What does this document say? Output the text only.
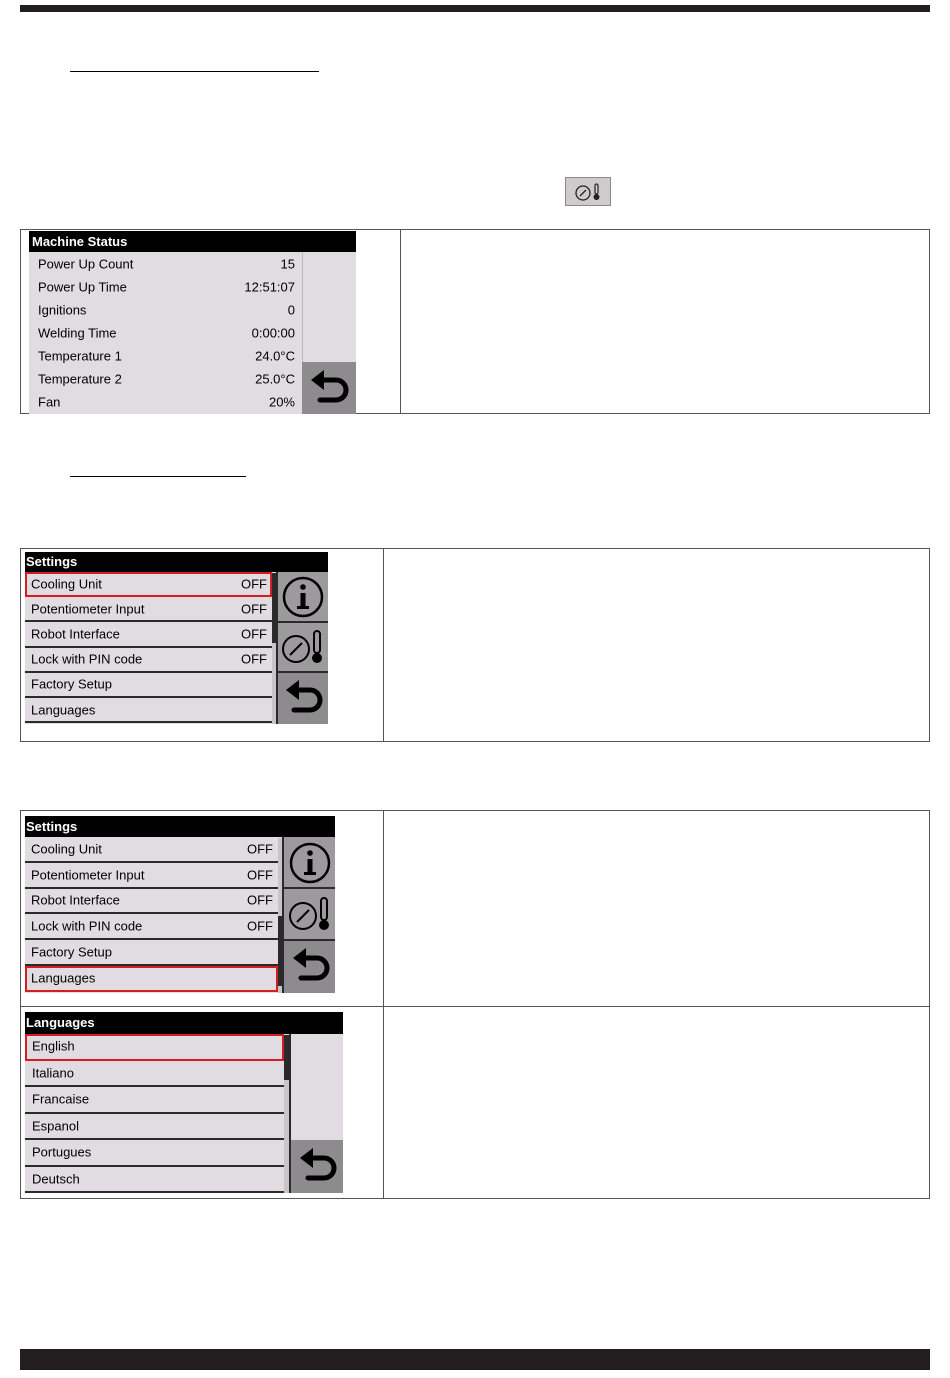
Machine Status
Power Up Count	15
Power Up Time	12:51:07
Ignitions	0
Welding Time	0:00:00
Temperature 1	24.0°C
Temperature 2	25.0°C
Fan	20%
Settings
Cooling Unit	OFF
Potentiometer Input	OFF
Robot Interface	OFF
Lock with PIN code	OFF
Factory Setup
Languages
Settings
Cooling Unit	OFF
Potentiometer Input	OFF
Robot Interface	OFF
Lock with PIN code	OFF
Factory Setup
Languages
Languages
English
Italiano
Francaise
Espanol
Portugues
Deutsch
